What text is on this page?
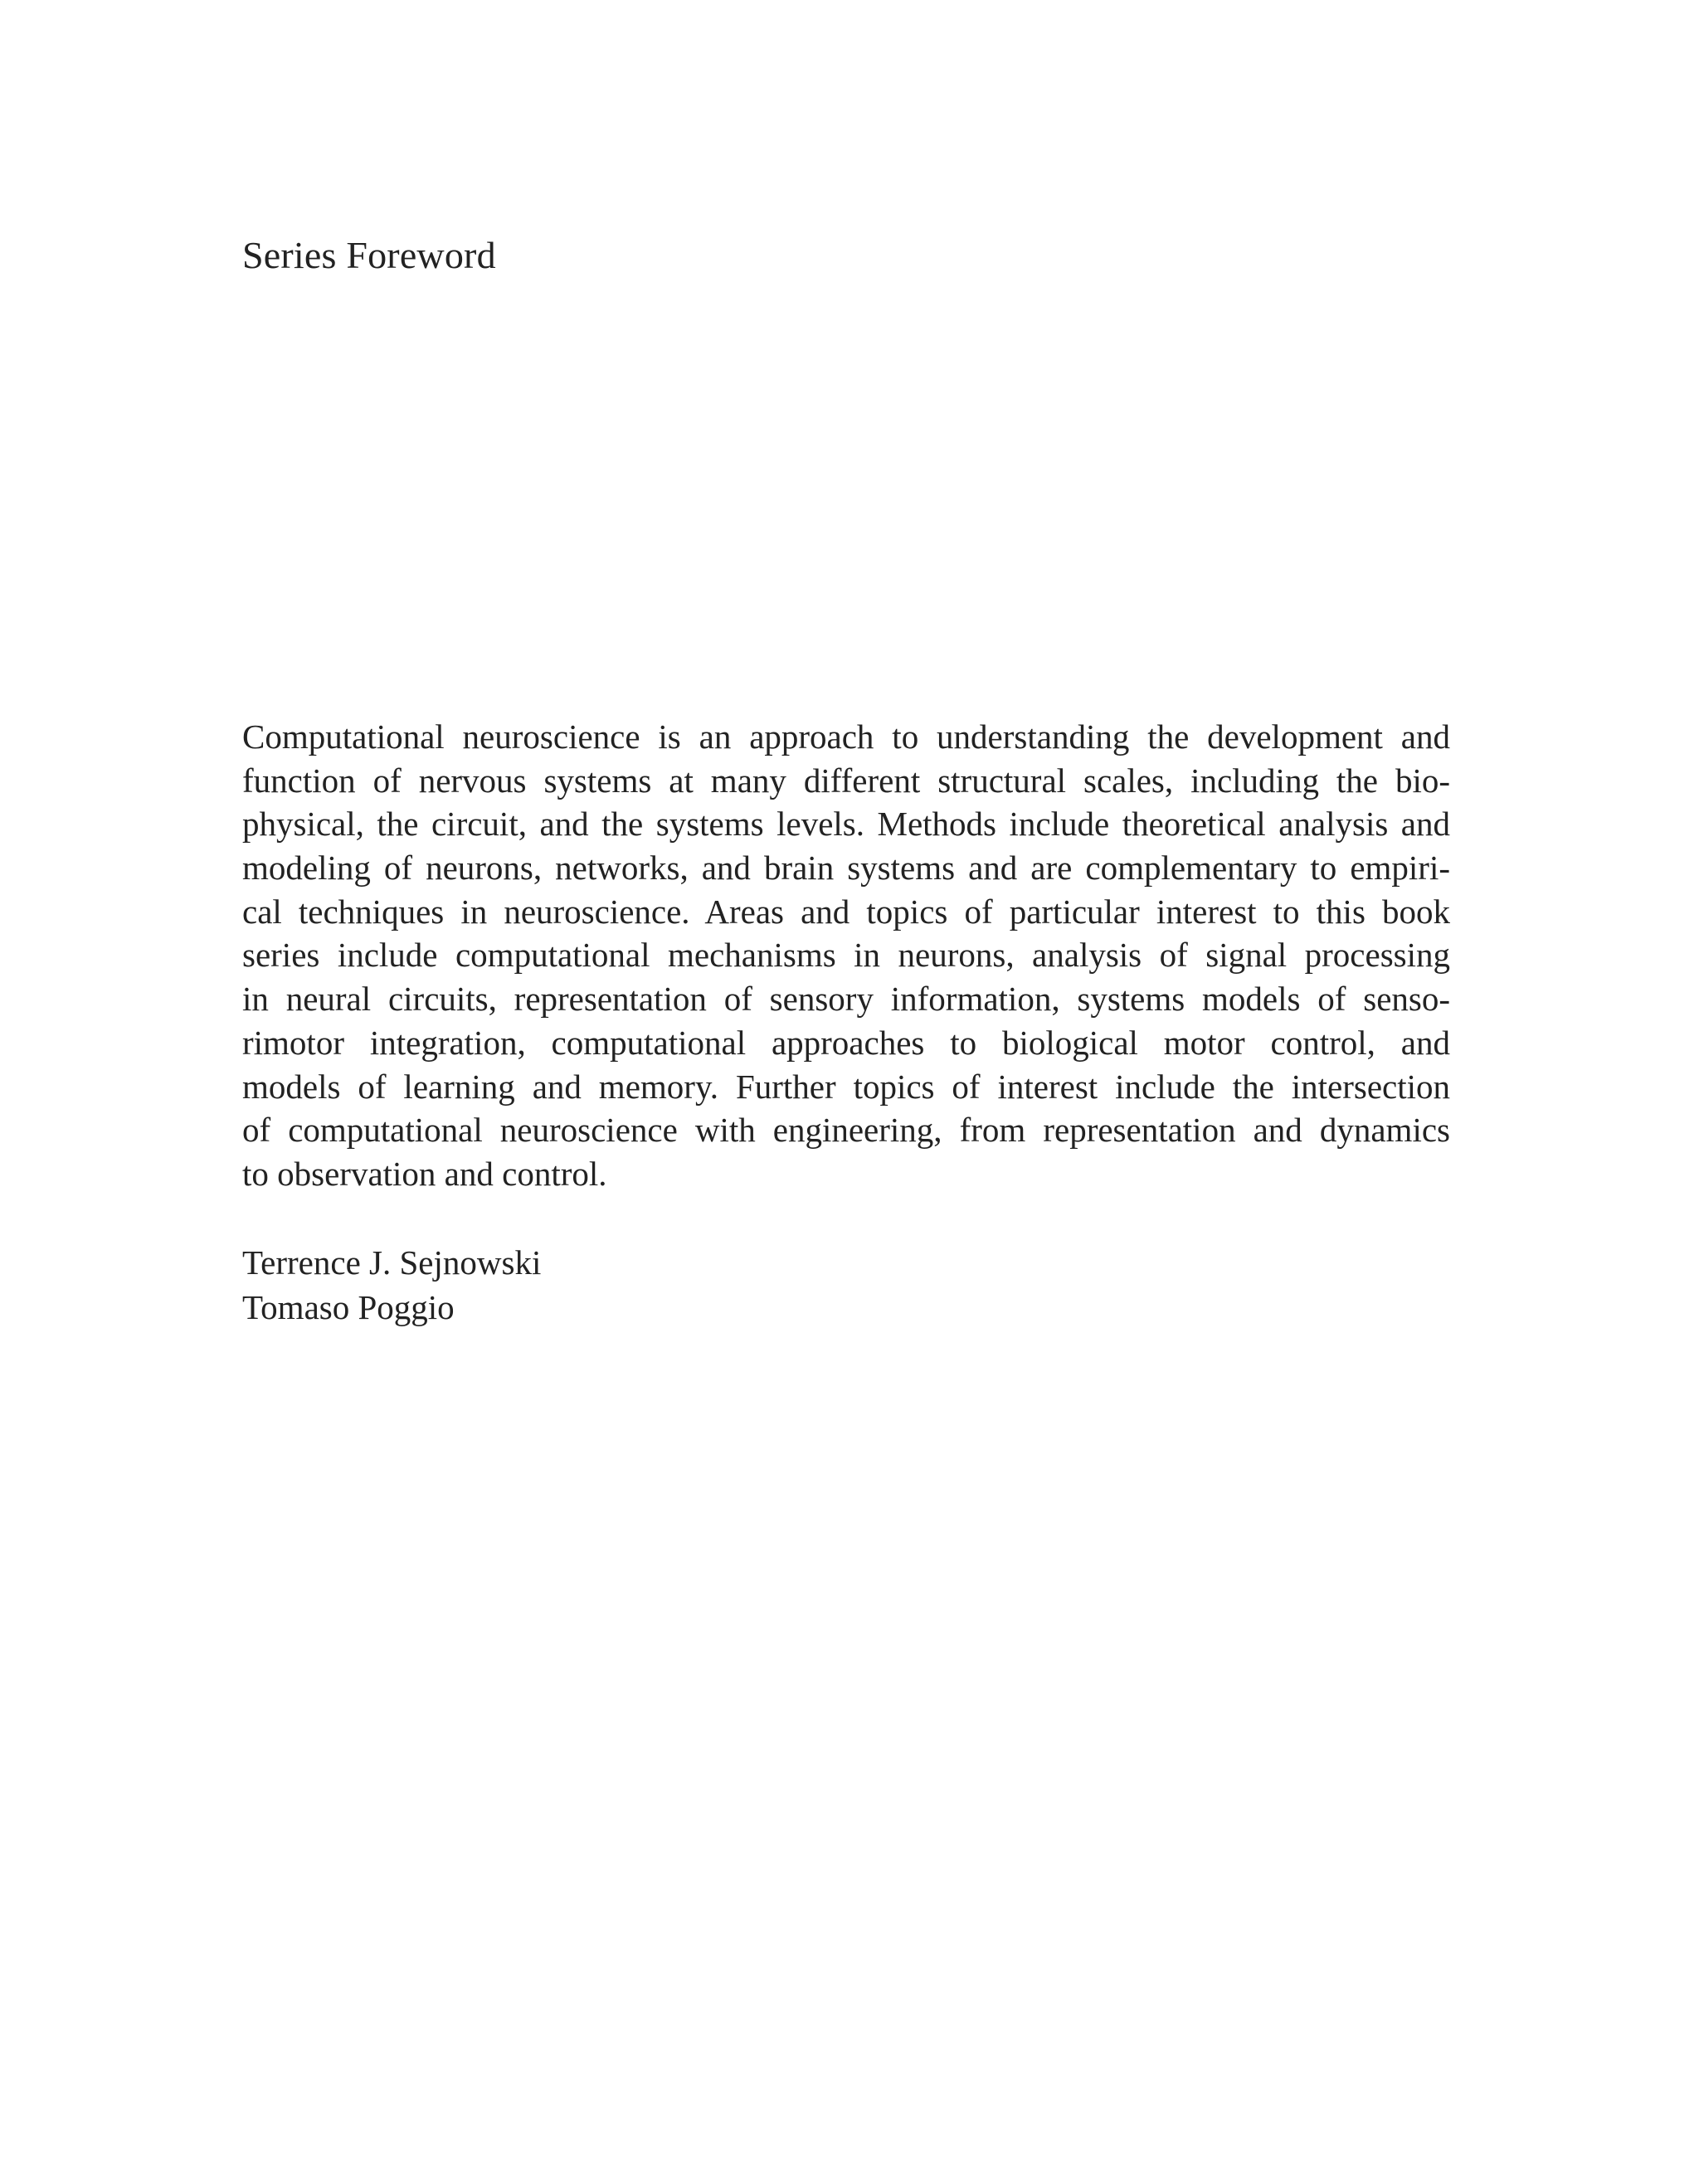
Series Foreword
Computational neuroscience is an approach to understanding the development and
function of nervous systems at many different structural scales, including the bio-
physical, the circuit, and the systems levels. Methods include theoretical analysis and
modeling of neurons, networks, and brain systems and are complementary to empiri-
cal techniques in neuroscience. Areas and topics of particular interest to this book
series include computational mechanisms in neurons, analysis of signal processing
in neural circuits, representation of sensory information, systems models of senso-
rimotor integration, computational approaches to biological motor control, and
models of learning and memory. Further topics of interest include the intersection
of computational neuroscience with engineering, from representation and dynamics
to observation and control.
Terrence J. Sejnowski
Tomaso Poggio
